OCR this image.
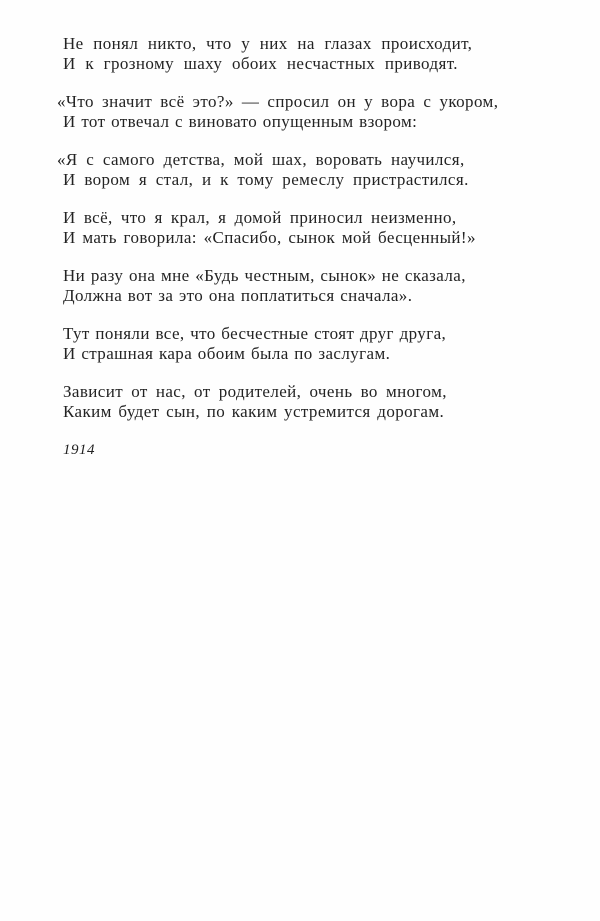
Не понял никто, что у них на глазах происходит,
И к грозному шаху обоих несчастных приводят.
«Что значит всё это?» — спросил он у вора с укором,
И тот отвечал с виновато опущенным взором:
«Я с самого детства, мой шах, воровать научился,
И вором я стал, и к тому ремеслу пристрастился.
И всё, что я крал, я домой приносил неизменно,
И мать говорила: «Спасибо, сынок мой бесценный!»
Ни разу она мне «Будь честным, сынок» не сказала,
Должна вот за это она поплатиться сначала».
Тут поняли все, что бесчестные стоят друг друга,
И страшная кара обоим была по заслугам.
Зависит от нас, от родителей, очень во многом,
Каким будет сын, по каким устремится дорогам.
1914
